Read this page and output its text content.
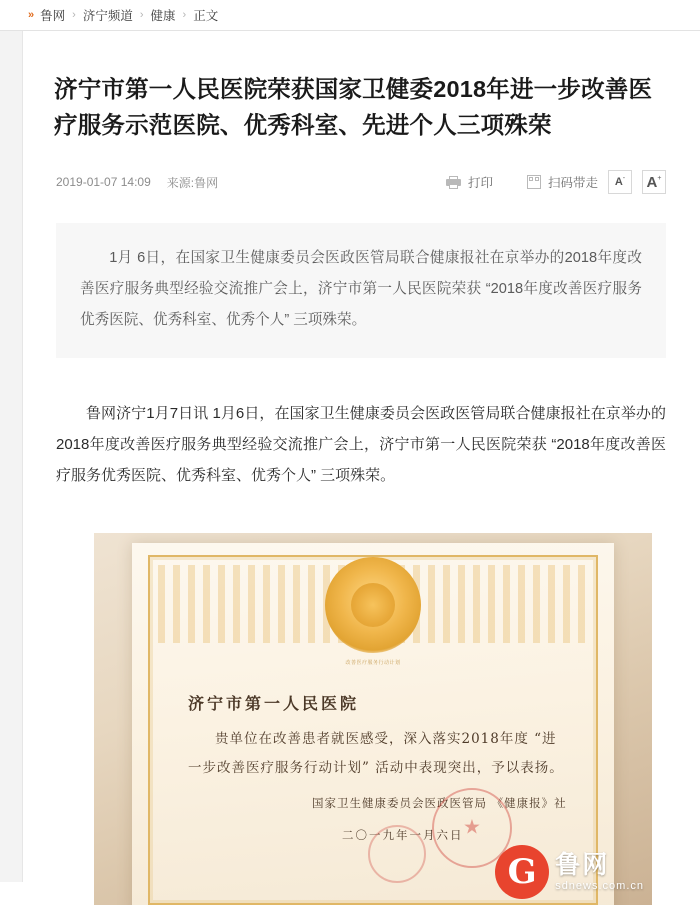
» 鲁网 › 济宁频道 › 健康 › 正文
济宁市第一人民医院荣获国家卫健委2018年进一步改善医疗服务示范医院、优秀科室、先进个人三项殊荣
2019-01-07 14:09 来源:鲁网	打印	扫码带走 A- A+

1月 6日，在国家卫生健康委员会医政医管局联合健康报社在京举办的2018年度改善医疗服务典型经验交流推广会上，济宁市第一人民医院荣获 “2018年度改善医疗服务优秀医院、优秀科室、优秀个人” 三项殊荣。

鲁网济宁1月7日讯 1月6日，在国家卫生健康委员会医政医管局联合健康报社在京举办的2018年度改善医疗服务典型经验交流推广会上，济宁市第一人民医院荣获 “2018年度改善医疗服务优秀医院、优秀科室、优秀个人” 三项殊荣。

改善医疗服务行动计划
济宁市第一人民医院
贵单位在改善患者就医感受，深入落实2018年度 “进一步改善医疗服务行动计划” 活动中表现突出，予以表扬。
国家卫生健康委员会医政医管局 《健康报》社
二〇一九年一月六日
★
G 鲁网
sdnews.com.cn
